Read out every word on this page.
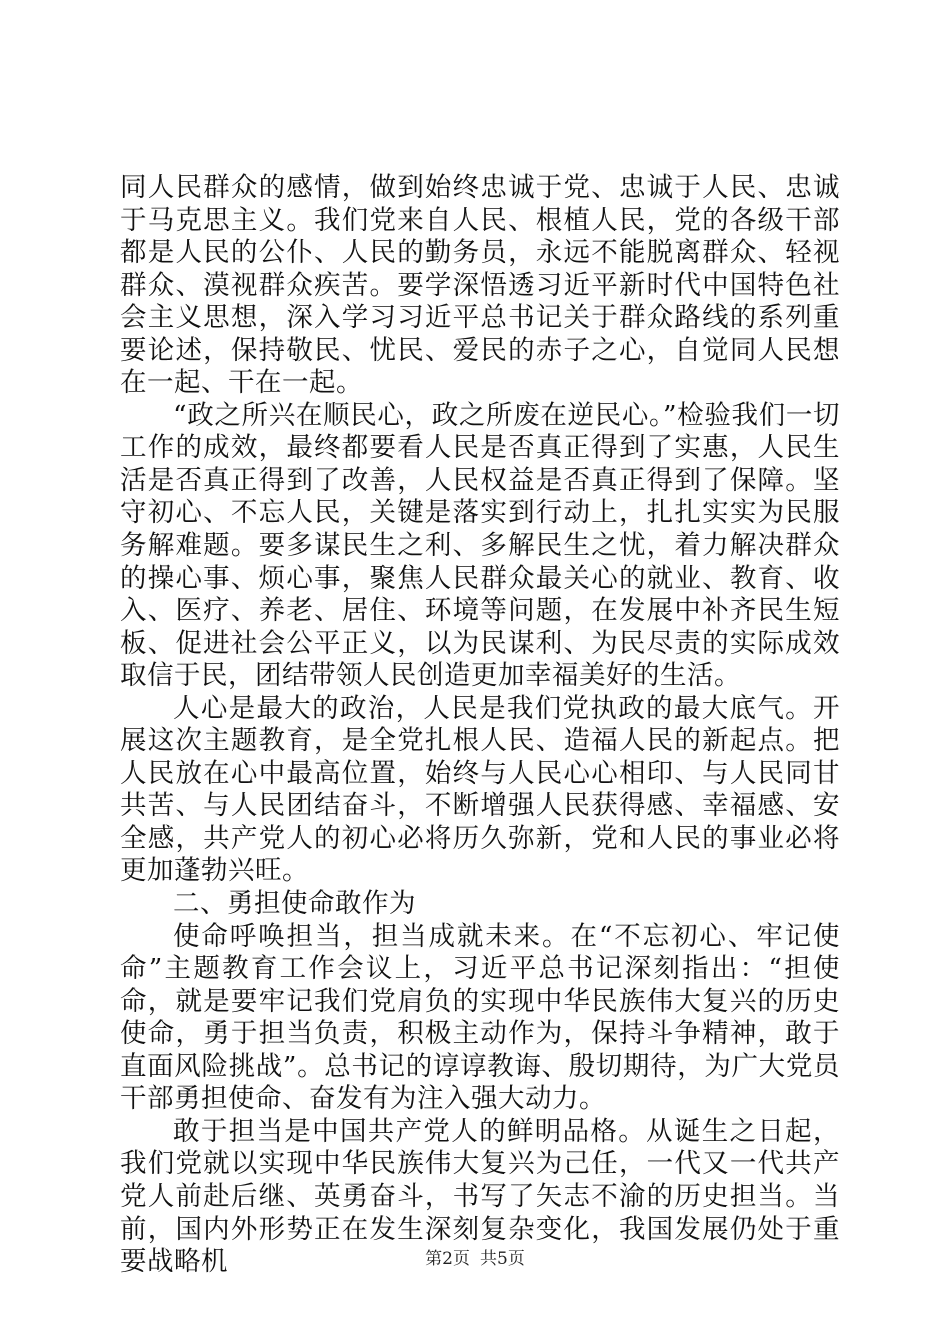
同人民群众的感情，做到始终忠诚于党、忠诚于人民、忠诚于马克思主义。我们党来自人民、根植人民，党的各级干部都是人民的公仆、人民的勤务员，永远不能脱离群众、轻视群众、漠视群众疾苦。要学深悟透习近平新时代中国特色社会主义思想，深入学习习近平总书记关于群众路线的系列重要论述，保持敬民、忧民、爱民的赤子之心，自觉同人民想在一起、干在一起。

“政之所兴在顺民心，政之所废在逆民心。”检验我们一切工作的成效，最终都要看人民是否真正得到了实惠，人民生活是否真正得到了改善，人民权益是否真正得到了保障。坚守初心、不忘人民，关键是落实到行动上，扎扎实实为民服务解难题。要多谋民生之利、多解民生之忧，着力解决群众的操心事、烦心事，聚焦人民群众最关心的就业、教育、收入、医疗、养老、居住、环境等问题，在发展中补齐民生短板、促进社会公平正义，以为民谋利、为民尽责的实际成效取信于民，团结带领人民创造更加幸福美好的生活。

人心是最大的政治，人民是我们党执政的最大底气。开展这次主题教育，是全党扎根人民、造福人民的新起点。把人民放在心中最高位置，始终与人民心心相印、与人民同甘共苦、与人民团结奋斗，不断增强人民获得感、幸福感、安全感，共产党人的初心必将历久弥新，党和人民的事业必将更加蓬勃兴旺。

二、勇担使命敢作为

使命呼唤担当，担当成就未来。在“不忘初心、牢记使命”主题教育工作会议上，习近平总书记深刻指出：“担使命，就是要牢记我们党肩负的实现中华民族伟大复兴的历史使命，勇于担当负责，积极主动作为，保持斗争精神，敢于直面风险挑战”。总书记的谆谆教诲、殷切期待，为广大党员干部勇担使命、奋发有为注入强大动力。

敢于担当是中国共产党人的鲜明品格。从诞生之日起，我们党就以实现中华民族伟大复兴为己任，一代又一代共产党人前赴后继、英勇奋斗，书写了矢志不渝的历史担当。当前，国内外形势正在发生深刻复杂变化，我国发展仍处于重要战略机	第2页 共5页
